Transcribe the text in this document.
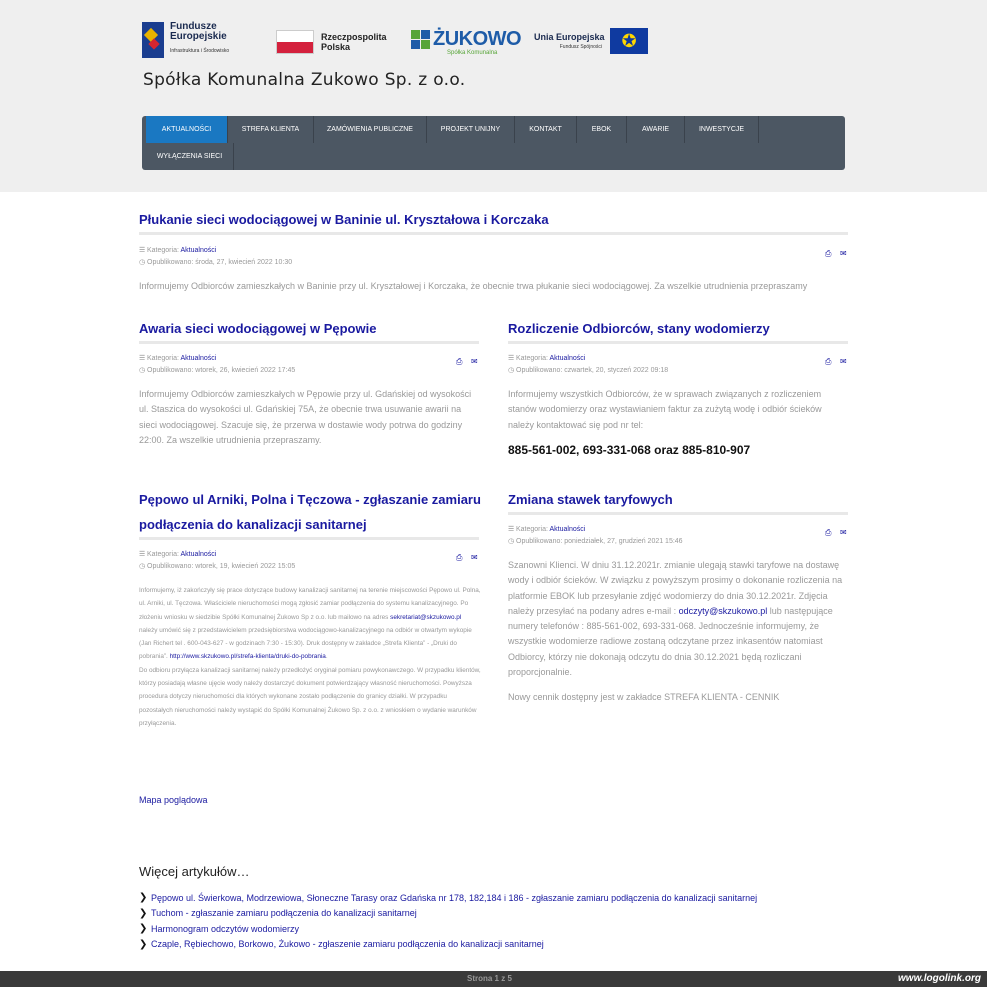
Fundusze
Europejskie
Infrastruktura i Środowisko
Rzeczpospolita
Polska	ŻUKOWO
Spółka Komunalna
Unia Europejska
Fundusz Spójności	✪
Spółka Komunalna Zukowo Sp. z o.o.
AKTUALNOŚCI	STREFA KLIENTA	ZAMÓWIENIA PUBLICZNE	PROJEKT UNIJNY	KONTAKT	EBOK	AWARIE	INWESTYCJE
WYŁĄCZENIA SIECI
Płukanie sieci wodociągowej w Baninie ul. Kryształowa i Korczaka
☰ Kategoria: Aktualności
◷ Opublikowano: środa, 27, kwiecień 2022 10:30
⎙ ✉
Informujemy Odbiorców zamieszkałych w Baninie przy ul. Kryształowej i Korczaka, że obecnie trwa płukanie sieci wodociągowej. Za wszelkie utrudnienia przepraszamy
Awaria sieci wodociągowej w Pępowie
☰ Kategoria: Aktualności
◷ Opublikowano: wtorek, 26, kwiecień 2022 17:45
⎙ ✉
Informujemy Odbiorców zamieszkałych w Pępowie przy ul. Gdańskiej od wysokości ul. Staszica do wysokości ul. Gdańskiej 75A, że obecnie trwa usuwanie awarii na sieci wodociągowej. Szacuje się, że przerwa w dostawie wody potrwa do godziny 22:00. Za wszelkie utrudnienia przepraszamy.
Rozliczenie Odbiorców, stany wodomierzy
☰ Kategoria: Aktualności
◷ Opublikowano: czwartek, 20, styczeń 2022 09:18
⎙ ✉
Informujemy wszystkich Odbiorców, że w sprawach związanych z rozliczeniem stanów wodomierzy oraz wystawianiem faktur za zużytą wodę i odbiór ścieków należy kontaktować się pod nr tel:
885-561-002, 693-331-068 oraz 885-810-907
Pępowo ul Arniki, Polna i Tęczowa - zgłaszanie zamiaru
podłączenia do kanalizacji sanitarnej
☰ Kategoria: Aktualności
◷ Opublikowano: wtorek, 19, kwiecień 2022 15:05
⎙ ✉
Informujemy, iż zakończyły się prace dotyczące budowy kanalizacji sanitarnej na terenie miejscowości Pępowo ul. Polna, ul. Arniki, ul. Tęczowa. Właściciele nieruchomości mogą zgłosić zamiar podłączenia do systemu kanalizacyjnego. Po złożeniu wniosku w siedzibie Spółki Komunalnej Żukowo Sp z o.o. lub mailowo na adres sekretariat@skzukowo.pl należy umówić się z przedstawicielem przedsiębiorstwa wodociągowo-kanalizacyjnego na odbiór w otwartym wykopie (Jan Richert tel . 600-043-627 - w godzinach 7:30 - 15:30). Druk dostępny w zakładce „Strefa Klienta” - „Druki do pobrania”. http://www.skzukowo.pl/strefa-klienta/druki-do-pobrania.
Do odbioru przyłącza kanalizacji sanitarnej należy przedłożyć oryginał pomiaru powykonawczego. W przypadku klientów, którzy posiadają własne ujęcie wody należy dostarczyć dokument potwierdzający własność nieruchomości. Powyższa procedura dotyczy nieruchomości dla których wykonane zostało podłączenie do granicy działki. W przypadku pozostałych nieruchomości należy wystąpić do Spółki Komunalnej Żukowo Sp. z o.o. z wnioskiem o wydanie warunków przyłączenia.
Mapa poglądowa
Zmiana stawek taryfowych
☰ Kategoria: Aktualności
◷ Opublikowano: poniedziałek, 27, grudzień 2021 15:46
⎙ ✉
Szanowni Klienci. W dniu 31.12.2021r. zmianie ulegają stawki taryfowe na dostawę wody i odbiór ścieków. W związku z powyższym prosimy o dokonanie rozliczenia na platformie EBOK lub przesyłanie zdjęć wodomierzy do dnia 30.12.2021r. Zdjęcia należy przesyłać na podany adres e-mail : odczyty@skzukowo.pl lub następujące numery telefonów : 885-561-002, 693-331-068. Jednocześnie informujemy, że wszystkie wodomierze radiowe zostaną odczytane przez inkasentów natomiast Odbiorcy, którzy nie dokonają odczytu do dnia 30.12.2021 będą rozliczani proporcjonalnie.
Nowy cennik dostępny jest w zakładce STREFA KLIENTA - CENNIK
Więcej artykułów…
❯ Pępowo ul. Świerkowa, Modrzewiowa, Słoneczne Tarasy oraz Gdańska nr 178, 182,184 i 186 - zgłaszanie zamiaru podłączenia do kanalizacji sanitarnej
❯ Tuchom - zgłaszanie zamiaru podłączenia do kanalizacji sanitarnej
❯ Harmonogram odczytów wodomierzy
❯ Czaple, Rębiechowo, Borkowo, Żukowo - zgłaszenie zamiaru podłączenia do kanalizacji sanitarnej
Strona 1 z 5	www.logolink.org
